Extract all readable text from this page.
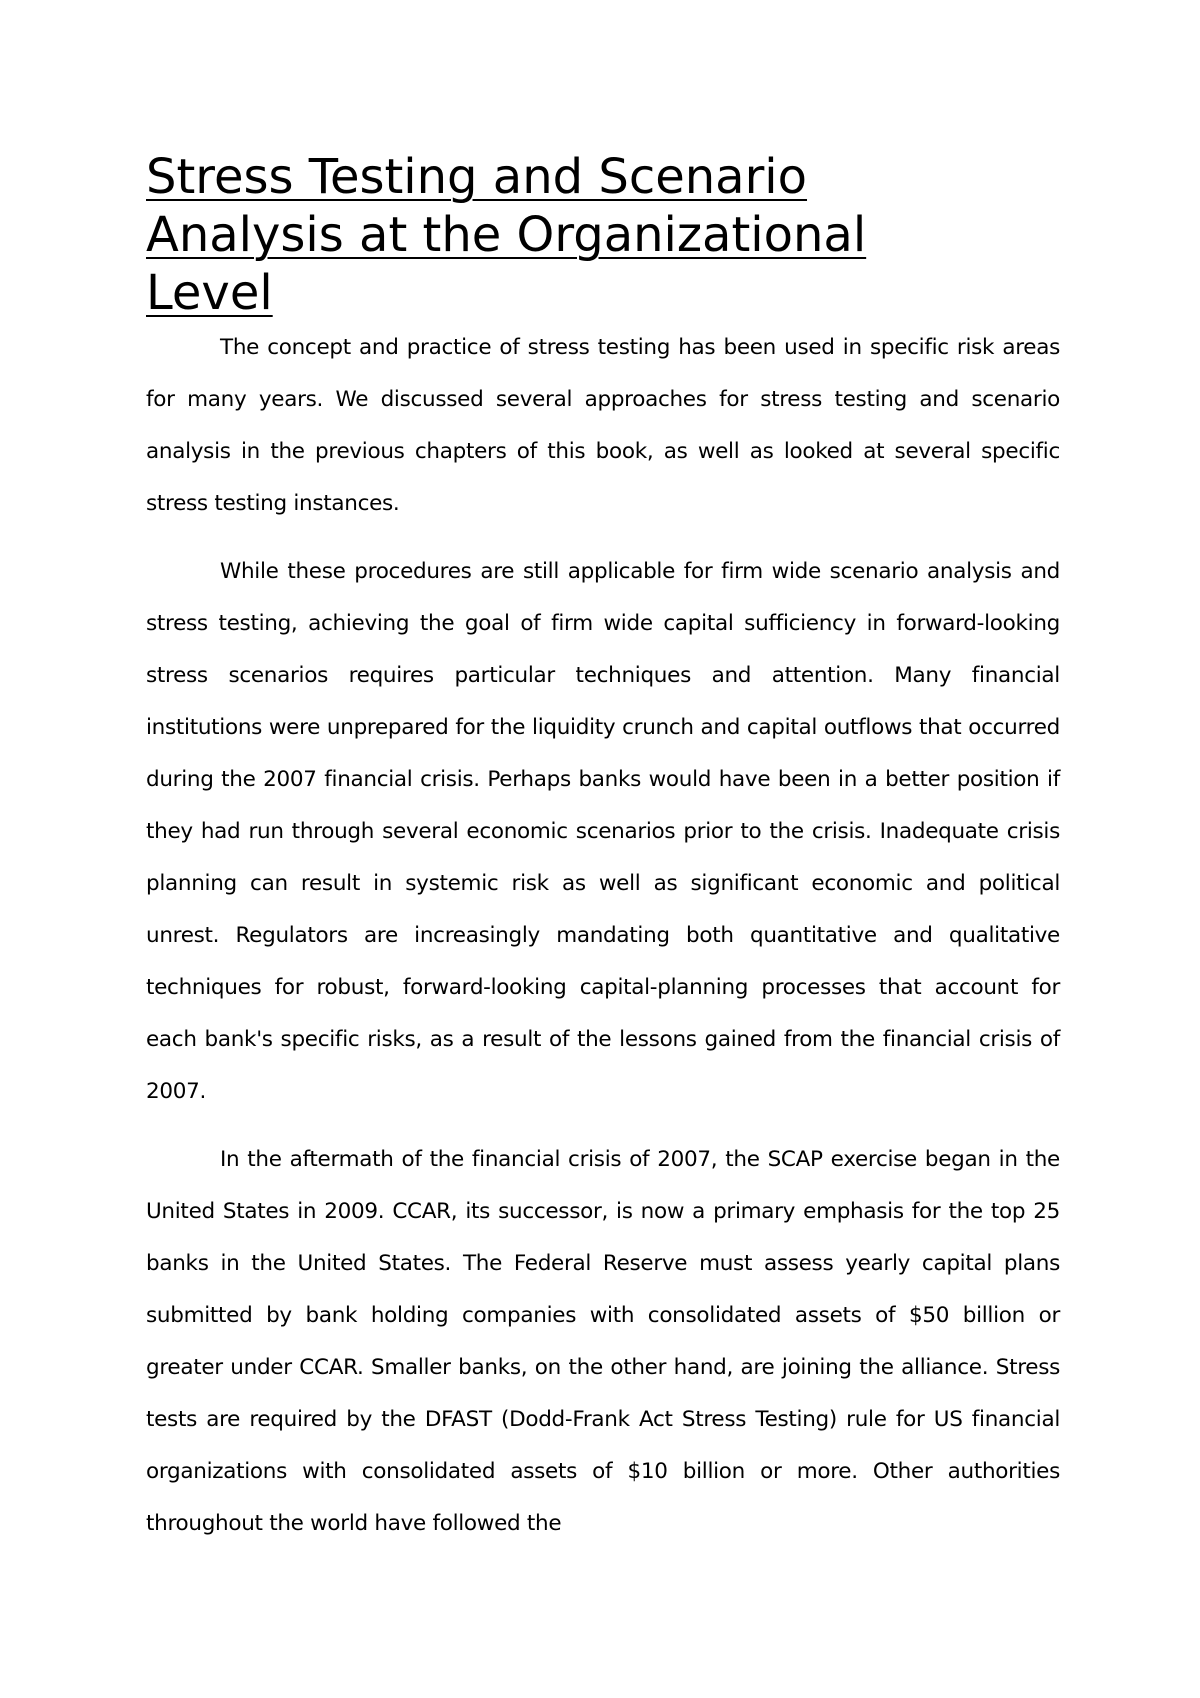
Stress Testing and Scenario Analysis at the Organizational Level

The concept and practice of stress testing has been used in specific risk areas for many years. We discussed several approaches for stress testing and scenario analysis in the previous chapters of this book, as well as looked at several specific stress testing instances.

While these procedures are still applicable for firm wide scenario analysis and stress testing, achieving the goal of firm wide capital sufficiency in forward-looking stress scenarios requires particular techniques and attention. Many financial institutions were unprepared for the liquidity crunch and capital outflows that occurred during the 2007 financial crisis. Perhaps banks would have been in a better position if they had run through several economic scenarios prior to the crisis. Inadequate crisis planning can result in systemic risk as well as significant economic and political unrest. Regulators are increasingly mandating both quantitative and qualitative techniques for robust, forward-looking capital-planning processes that account for each bank's specific risks, as a result of the lessons gained from the financial crisis of 2007.

In the aftermath of the financial crisis of 2007, the SCAP exercise began in the United States in 2009. CCAR, its successor, is now a primary emphasis for the top 25 banks in the United States. The Federal Reserve must assess yearly capital plans submitted by bank holding companies with consolidated assets of $50 billion or greater under CCAR. Smaller banks, on the other hand, are joining the alliance. Stress tests are required by the DFAST (Dodd-Frank Act Stress Testing) rule for US financial organizations with consolidated assets of $10 billion or more. Other authorities throughout the world have followed the
